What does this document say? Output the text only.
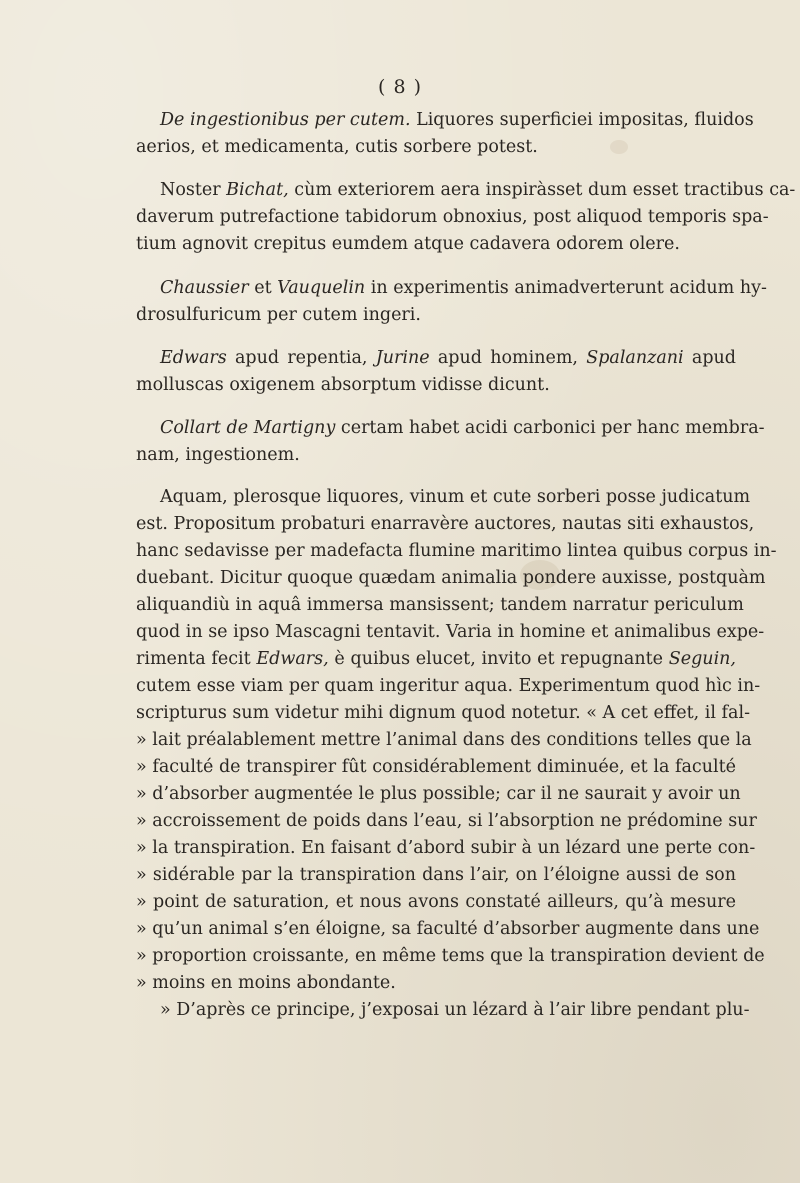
( 8 )
De ingestionibus per cutem. Liquores superficiei impositas, fluidos
aerios, et medicamenta, cutis sorbere potest.
Noster Bichat, cùm exteriorem aera inspiràsset dum esset tractibus ca-
daverum putrefactione tabidorum obnoxius, post aliquod temporis spa-
tium agnovit crepitus eumdem atque cadavera odorem olere.
Chaussier et Vauquelin in experimentis animadverterunt acidum hy-
drosulfuricum per cutem ingeri.
Edwars apud repentia, Jurine apud hominem, Spalanzani apud
molluscas oxigenem absorptum vidisse dicunt.
Collart de Martigny certam habet acidi carbonici per hanc membra-
nam, ingestionem.
Aquam, plerosque liquores, vinum et cute sorberi posse judicatum
est. Propositum probaturi enarravère auctores, nautas siti exhaustos,
hanc sedavisse per madefacta flumine maritimo lintea quibus corpus in-
duebant. Dicitur quoque quædam animalia pondere auxisse, postquàm
aliquandiù in aquâ immersa mansissent; tandem narratur periculum
quod in se ipso Mascagni tentavit. Varia in homine et animalibus expe-
rimenta fecit Edwars, è quibus elucet, invito et repugnante Seguin,
cutem esse viam per quam ingeritur aqua. Experimentum quod hìc in-
scripturus sum videtur mihi dignum quod notetur. « A cet effet, il fal-
» lait préalablement mettre l’animal dans des conditions telles que la
» faculté de transpirer fût considérablement diminuée, et la faculté
» d’absorber augmentée le plus possible; car il ne saurait y avoir un
» accroissement de poids dans l’eau, si l’absorption ne prédomine sur
» la transpiration. En faisant d’abord subir à un lézard une perte con-
» sidérable par la transpiration dans l’air, on l’éloigne aussi de son
» point de saturation, et nous avons constaté ailleurs, qu’à mesure
» qu’un animal s’en éloigne, sa faculté d’absorber augmente dans une
» proportion croissante, en même tems que la transpiration devient de
» moins en moins abondante.
» D’après ce principe, j’exposai un lézard à l’air libre pendant plu-
